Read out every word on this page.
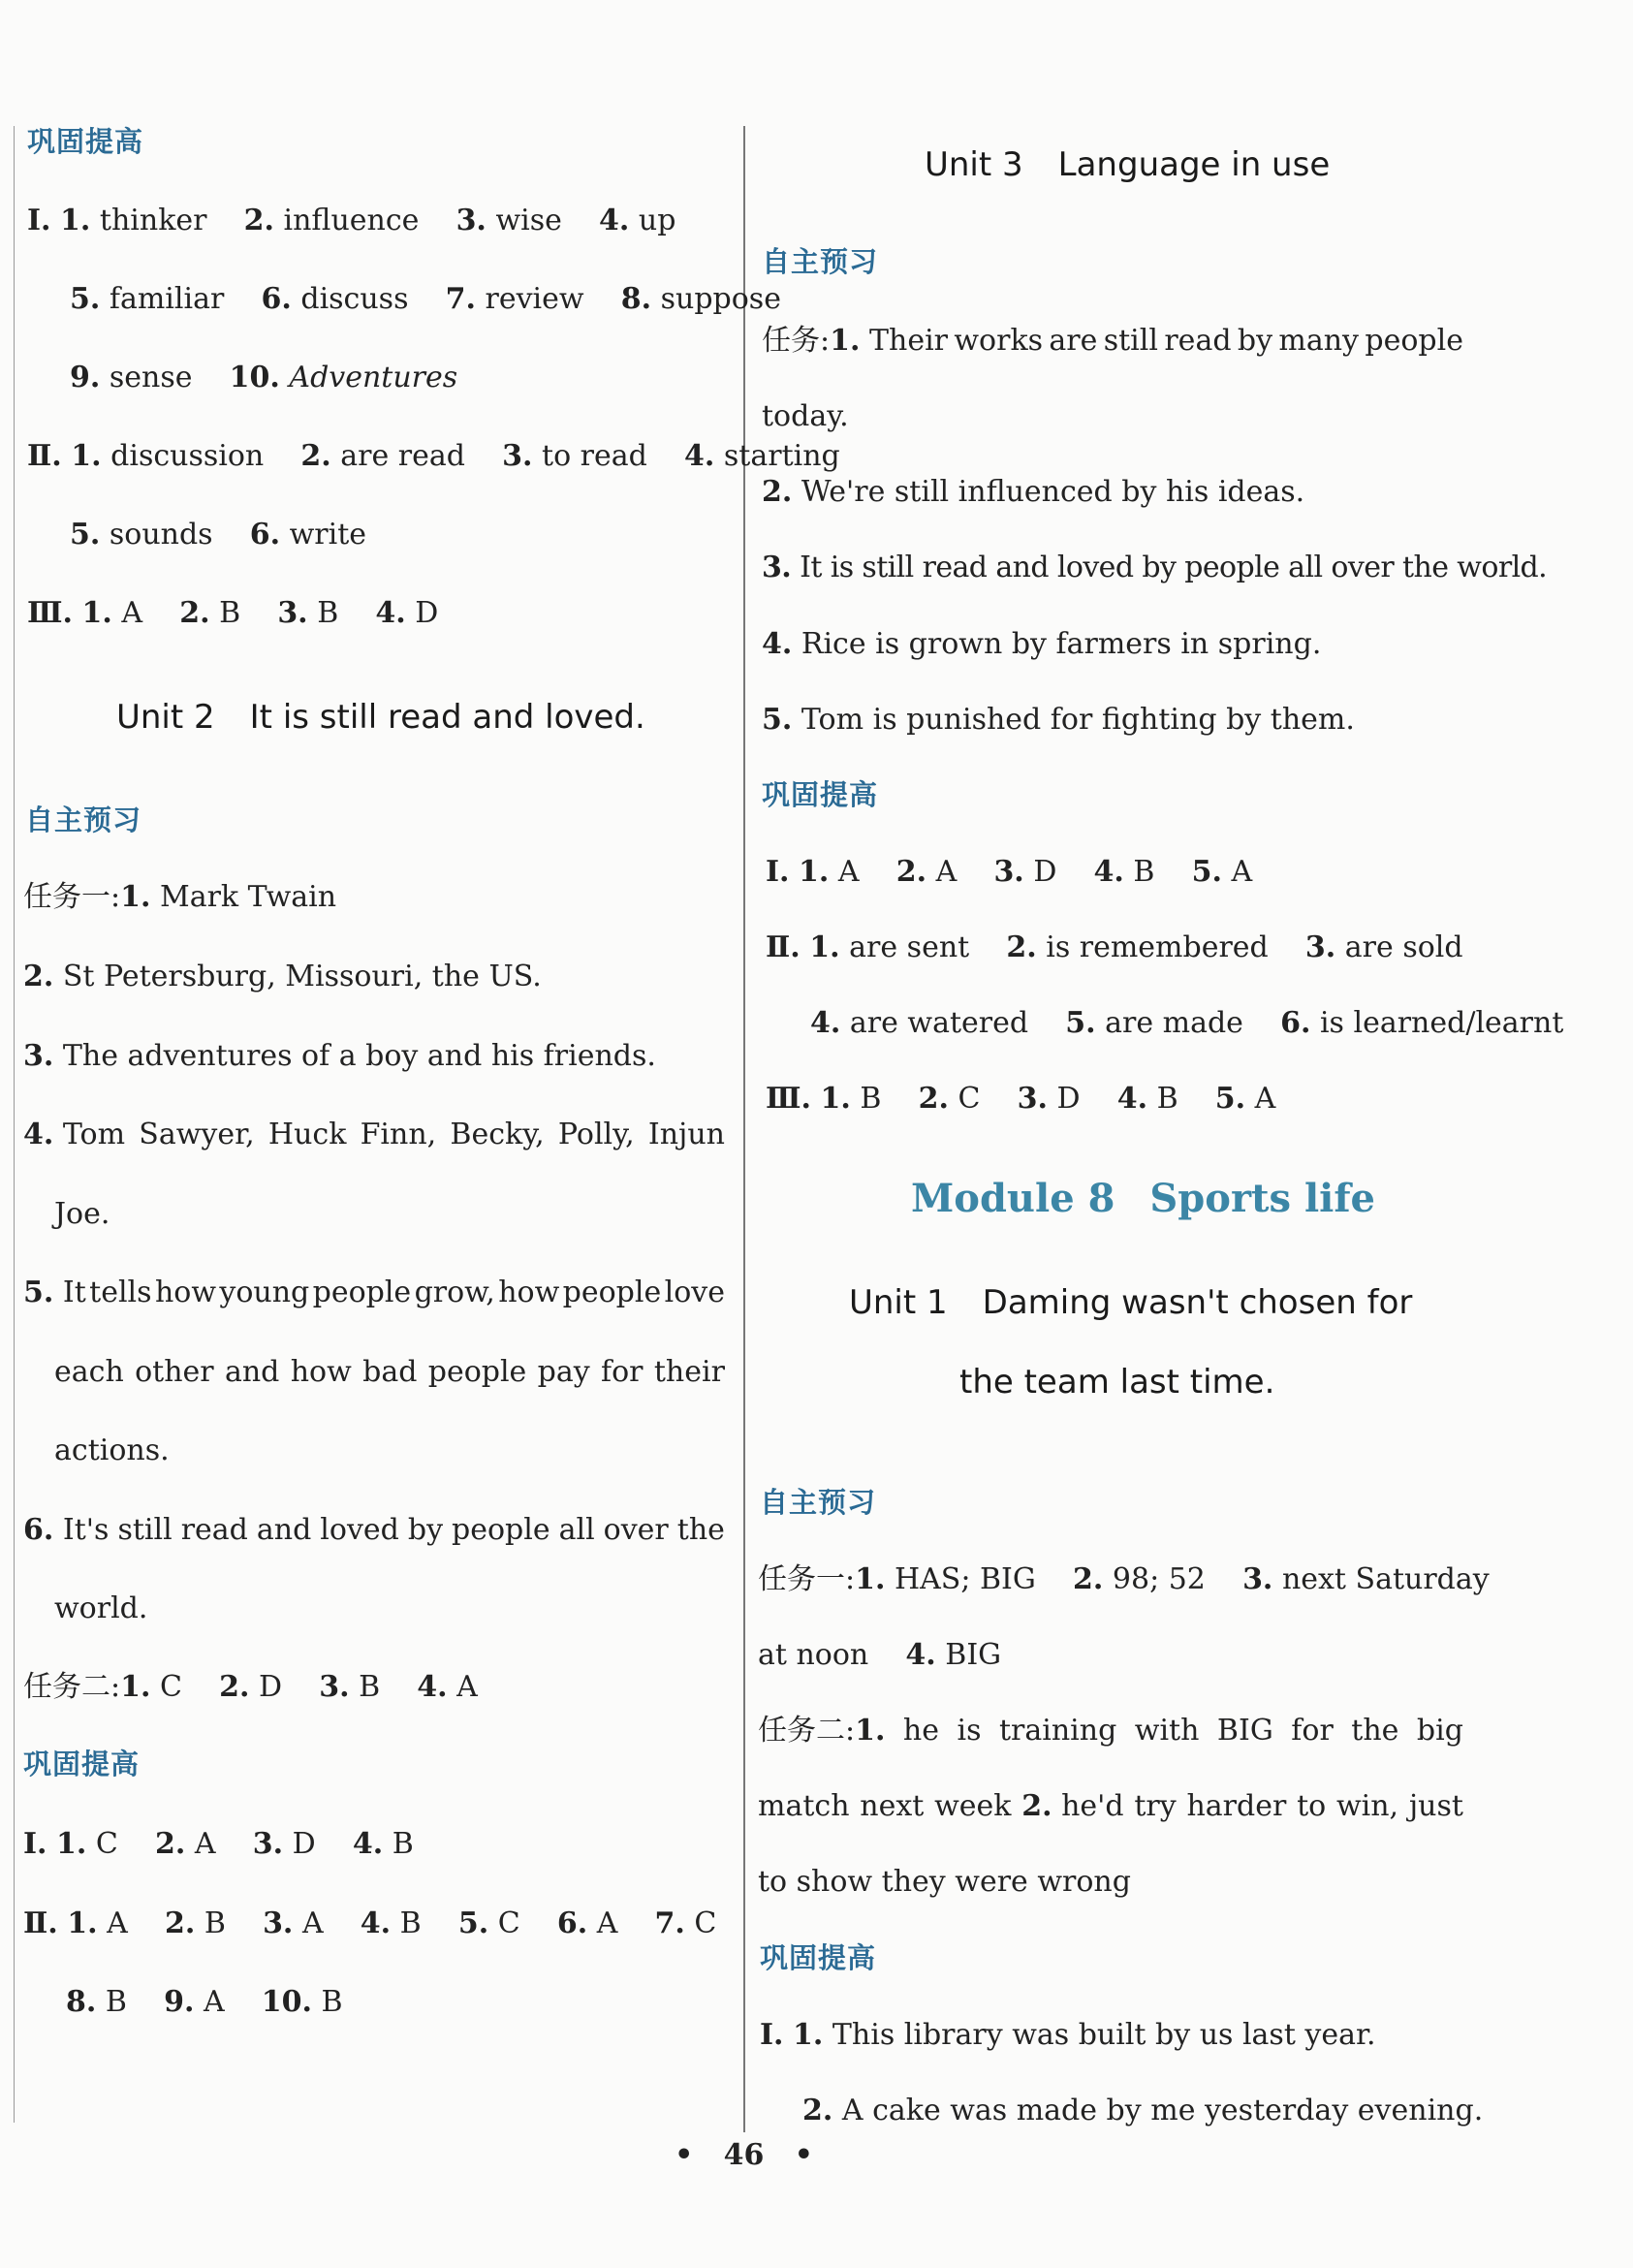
巩固提高
Ⅰ. 1. thinker 2. influence 3. wise 4. up
5. familiar 6. discuss 7. review 8. suppose
9. sense 10. Adventures
Ⅱ. 1. discussion 2. are read 3. to read 4. starting
5. sounds 6. write
Ⅲ. 1. A 2. B 3. B 4. D
Unit 2 It is still read and loved.
自主预习
任务一:1. Mark Twain
2. St Petersburg, Missouri, the US.
3. The adventures of a boy and his friends.
4. Tom Sawyer, Huck Finn, Becky, Polly, Injun
Joe.
5. It tells how young people grow, how people love
each other and how bad people pay for their
actions.
6. It's still read and loved by people all over the
world.
任务二:1. C 2. D 3. B 4. A
巩固提高
Ⅰ. 1. C 2. A 3. D 4. B
Ⅱ. 1. A 2. B 3. A 4. B 5. C 6. A 7. C
8. B 9. A 10. B
Unit 3 Language in use
自主预习
任务:1. Their works are still read by many people
today.
2. We're still influenced by his ideas.
3. It is still read and loved by people all over the world.
4. Rice is grown by farmers in spring.
5. Tom is punished for fighting by them.
巩固提高
Ⅰ. 1. A 2. A 3. D 4. B 5. A
Ⅱ. 1. are sent 2. is remembered 3. are sold
4. are watered 5. are made 6. is learned/learnt
Ⅲ. 1. B 2. C 3. D 4. B 5. A
Module 8 Sports life
Unit 1 Daming wasn't chosen for
the team last time.
自主预习
任务一:1. HAS; BIG 2. 98; 52 3. next Saturday
at noon 4. BIG
任务二:1. he is training with BIG for the big
match next week 2. he'd try harder to win, just
to show they were wrong
巩固提高
Ⅰ. 1. This library was built by us last year.
2. A cake was made by me yesterday evening.
• 46 •
